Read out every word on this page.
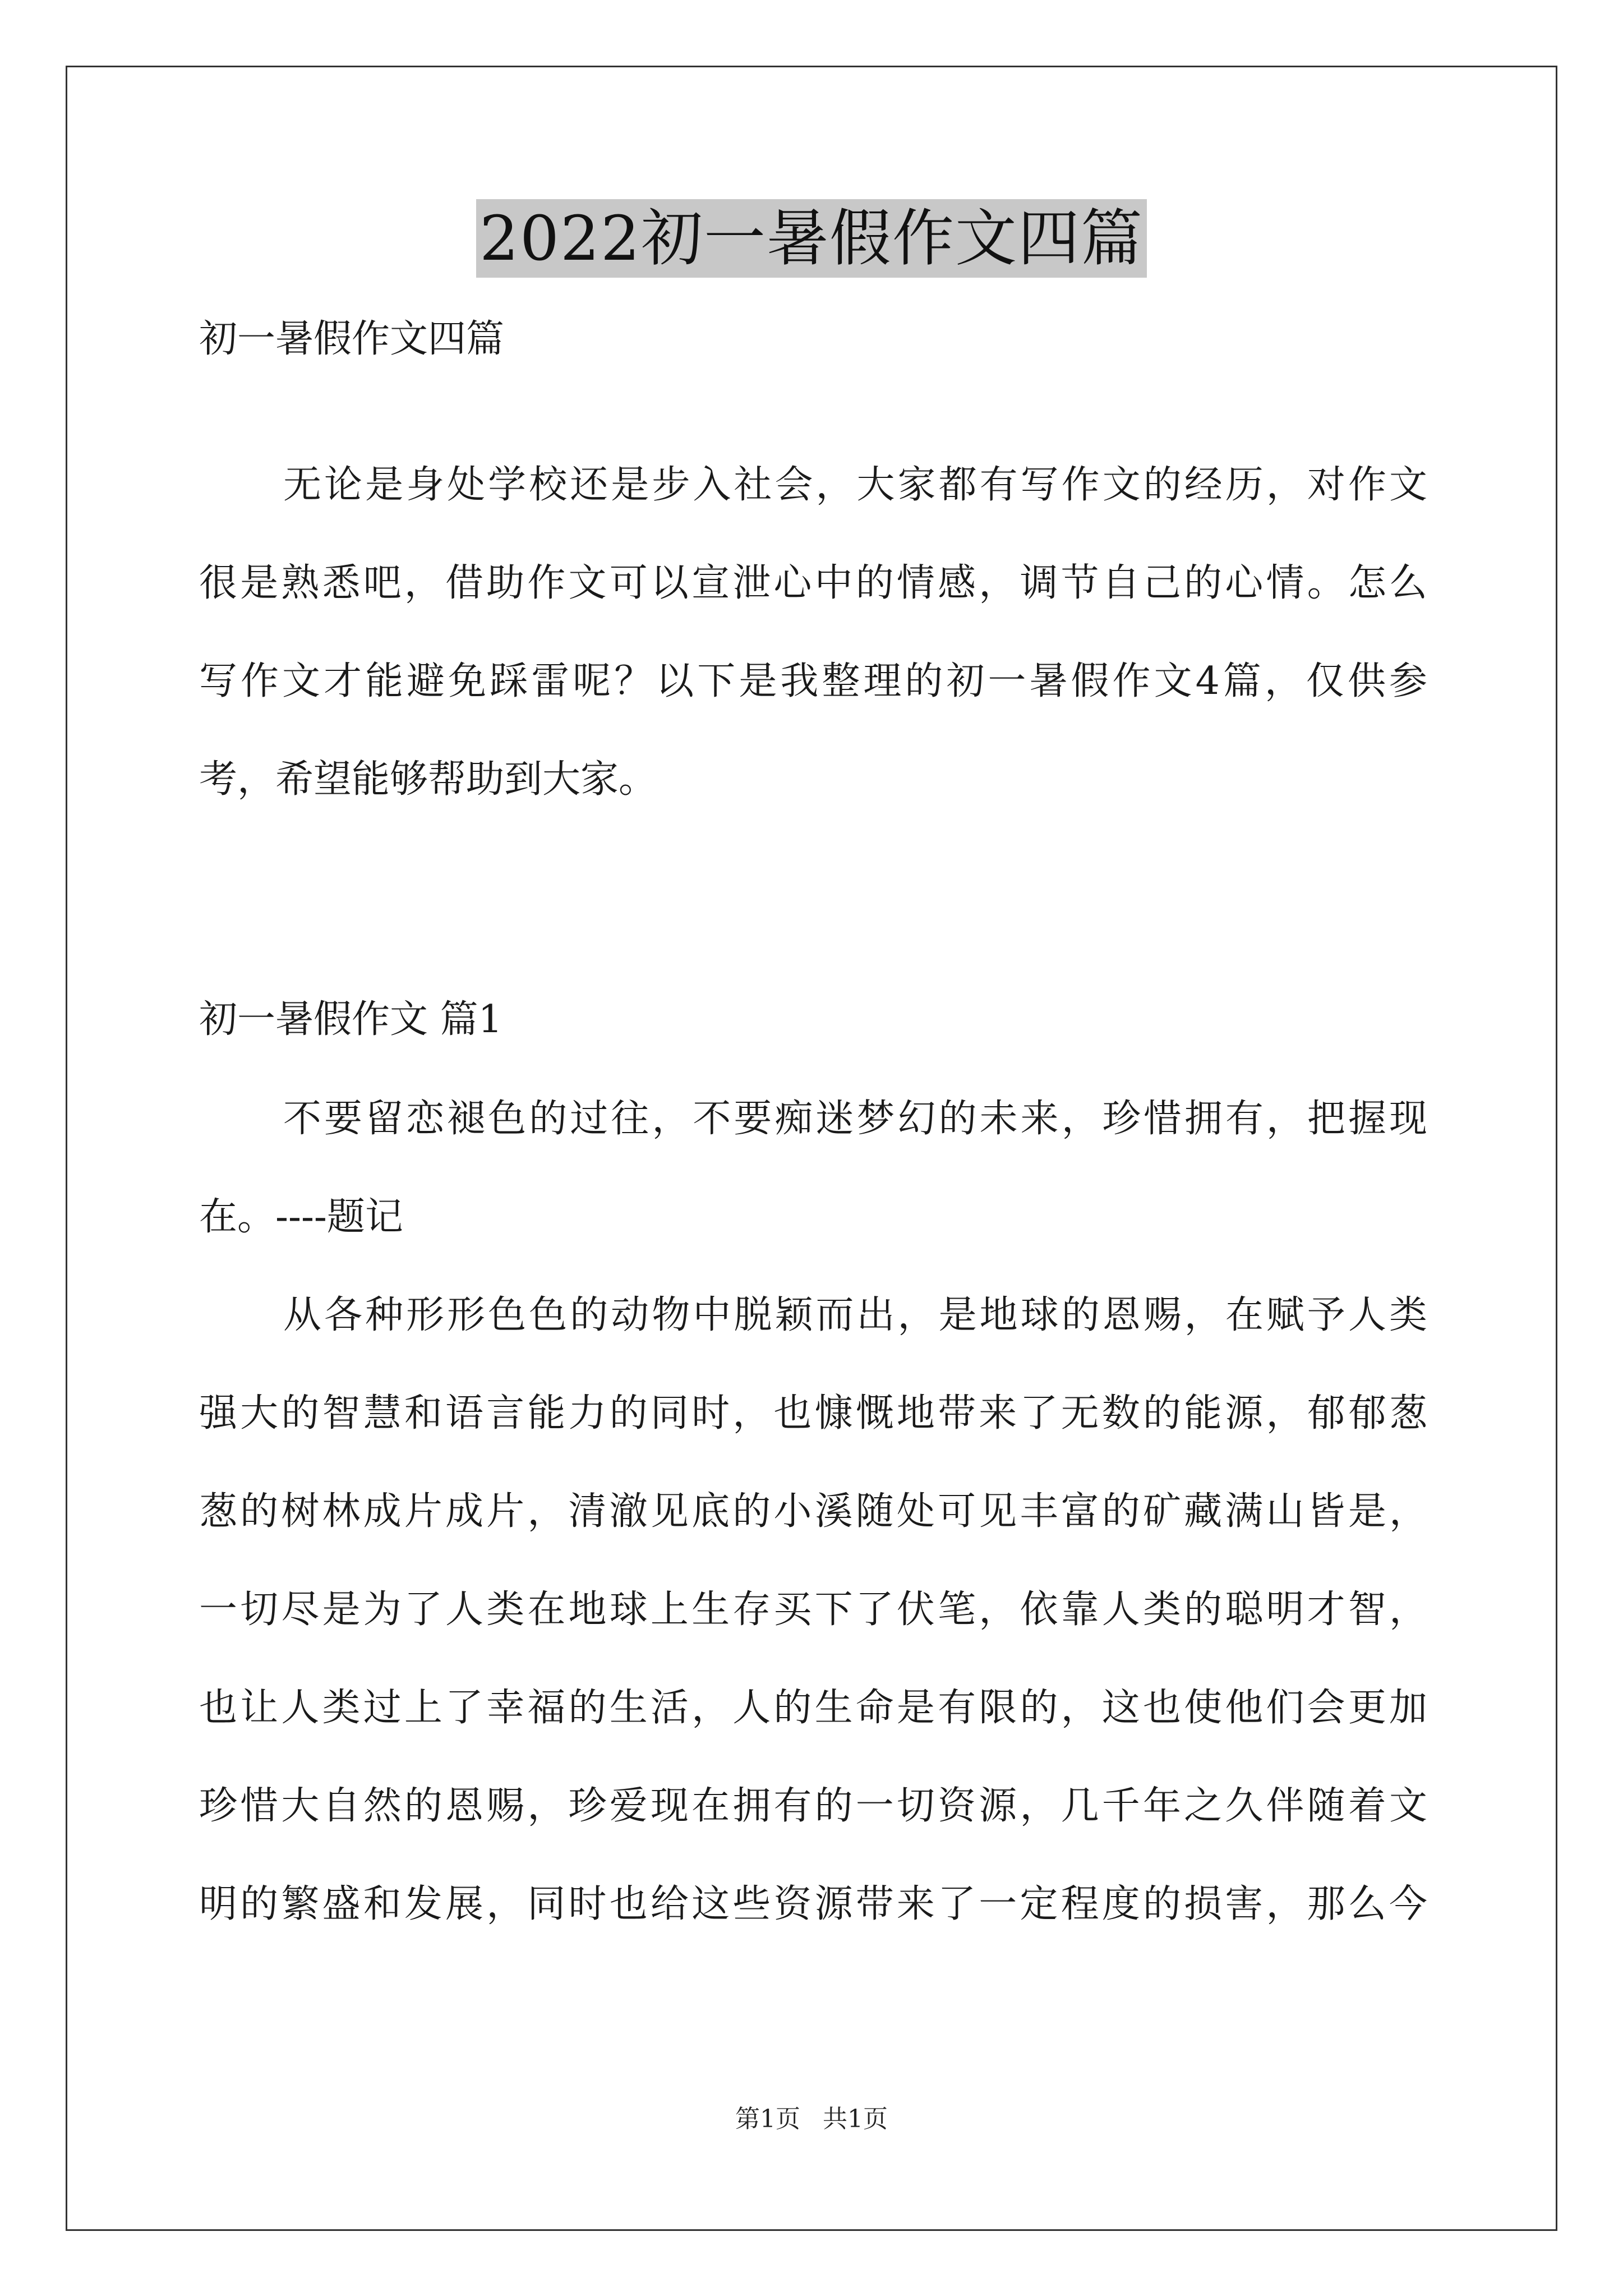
2022初一暑假作文四篇
初一暑假作文四篇
无论是身处学校还是步入社会，大家都有写作文的经历，对作文
很是熟悉吧，借助作文可以宣泄心中的情感，调节自己的心情。怎么
写作文才能避免踩雷呢？以下是我整理的初一暑假作文4篇，仅供参
考，希望能够帮助到大家。
初一暑假作文 篇1
不要留恋褪色的过往，不要痴迷梦幻的未来，珍惜拥有，把握现
在。----题记
从各种形形色色的动物中脱颖而出，是地球的恩赐，在赋予人类
强大的智慧和语言能力的同时，也慷慨地带来了无数的能源，郁郁葱
葱的树林成片成片，清澈见底的小溪随处可见丰富的矿藏满山皆是，
一切尽是为了人类在地球上生存买下了伏笔，依靠人类的聪明才智，
也让人类过上了幸福的生活，人的生命是有限的，这也使他们会更加
珍惜大自然的恩赐，珍爱现在拥有的一切资源，几千年之久伴随着文
明的繁盛和发展，同时也给这些资源带来了一定程度的损害，那么今
第1页 共1页
